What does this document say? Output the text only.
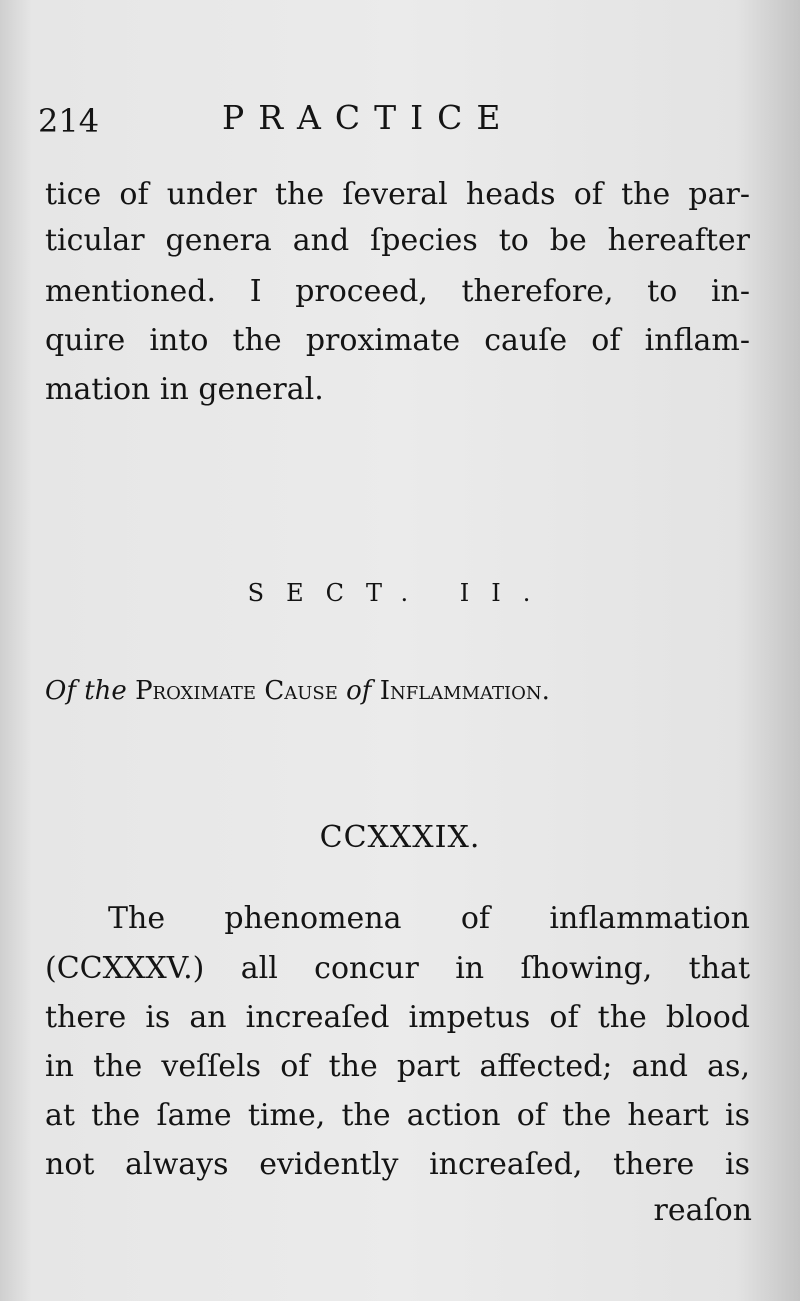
214	PRACTICE
tice of under the ſeveral heads of the par-
ticular genera and ſpecies to be hereafter
mentioned. I proceed, therefore, to in-
quire into the proximate cauſe of inflam-
mation in general.
SECT. II.
Of the Proximate Cause of Inflammation.
CCXXXIX.
The phenomena of inflammation
(CCXXXV.) all concur in ſhowing, that
there is an increaſed impetus of the blood
in the veſſels of the part affected; and as,
at the ſame time, the action of the heart is
not always evidently increaſed, there is
reaſon
